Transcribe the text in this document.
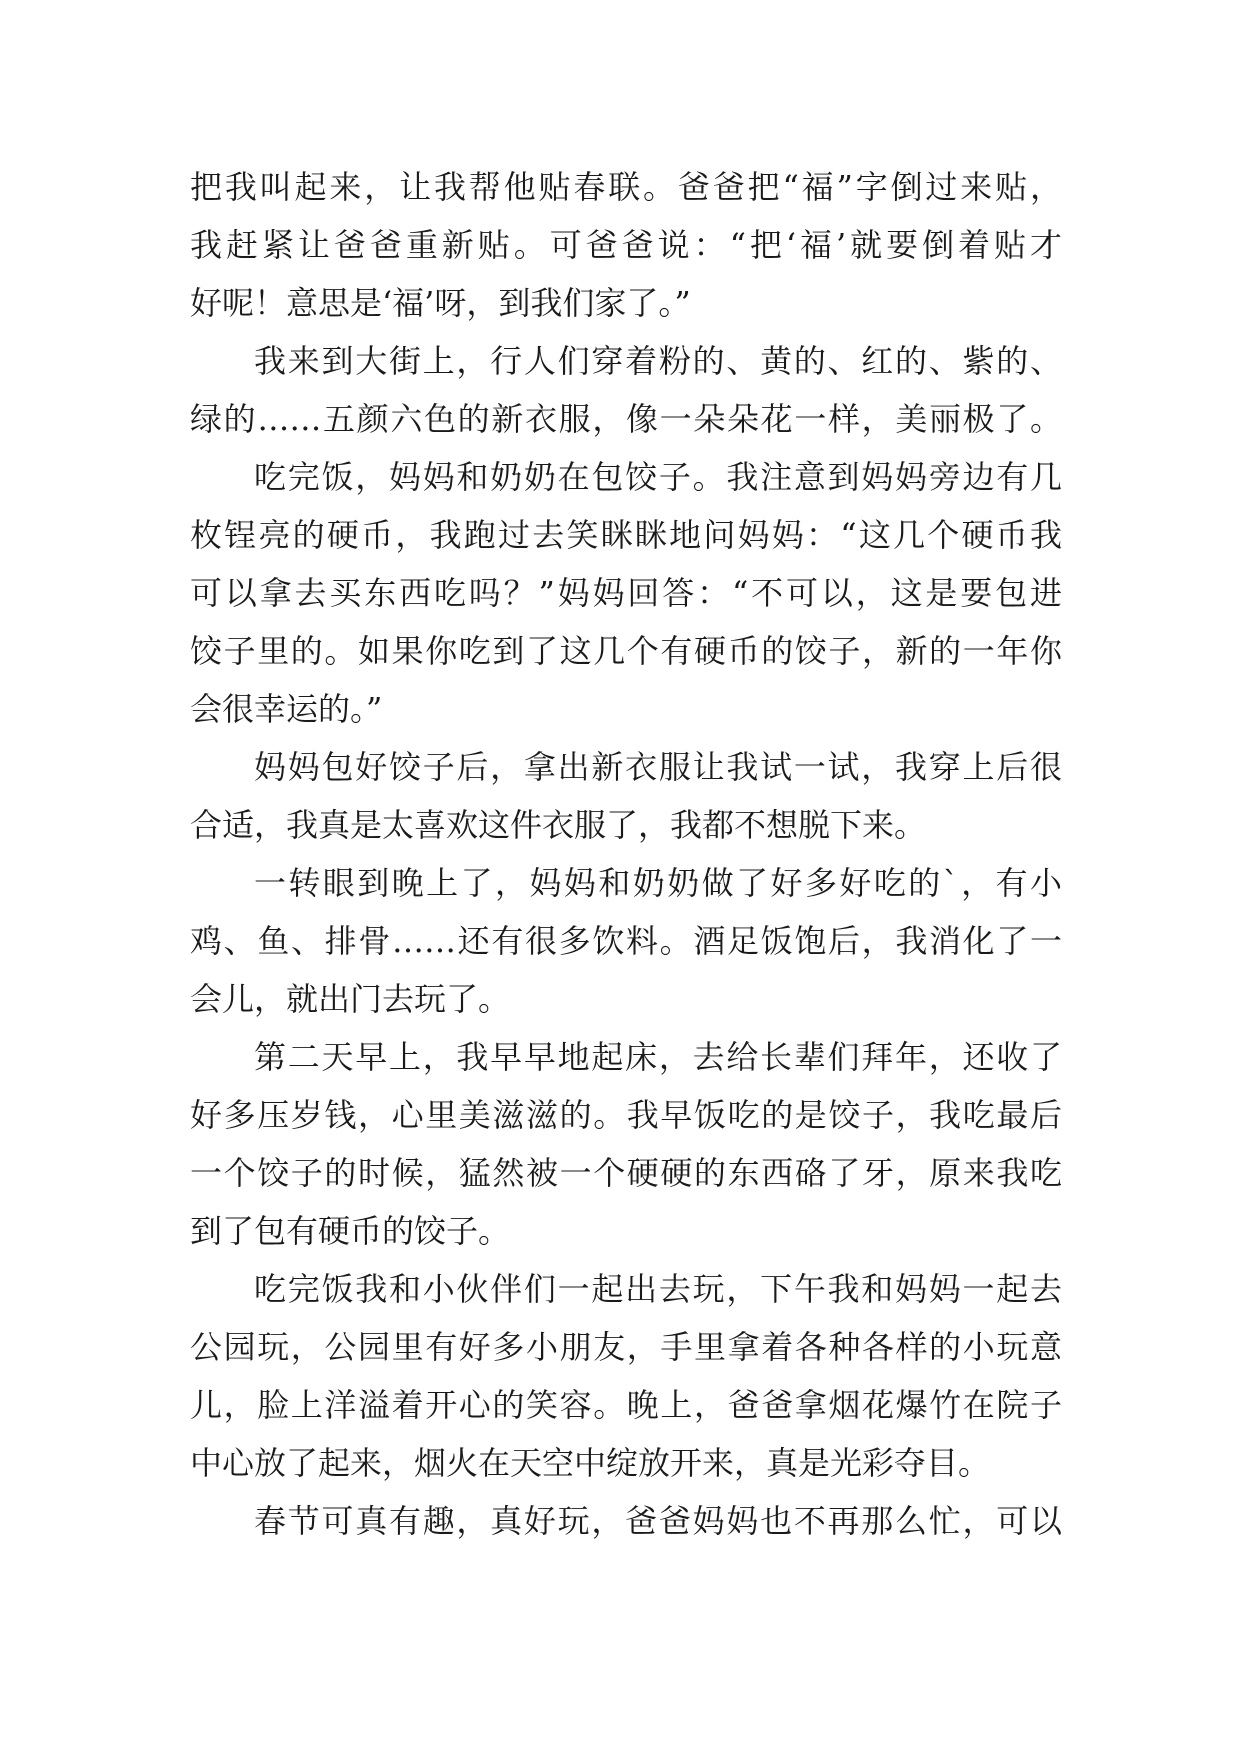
把我叫起来，让我帮他贴春联。爸爸把“福”字倒过来贴，
我赶紧让爸爸重新贴。可爸爸说：“把‘福’就要倒着贴才
好呢！意思是‘福’呀，到我们家了。”
我来到大街上，行人们穿着粉的、黄的、红的、紫的、
绿的……五颜六色的新衣服，像一朵朵花一样，美丽极了。
吃完饭，妈妈和奶奶在包饺子。我注意到妈妈旁边有几
枚锃亮的硬币，我跑过去笑眯眯地问妈妈：“这几个硬币我
可以拿去买东西吃吗？”妈妈回答：“不可以，这是要包进
饺子里的。如果你吃到了这几个有硬币的饺子，新的一年你
会很幸运的。”
妈妈包好饺子后，拿出新衣服让我试一试，我穿上后很
合适，我真是太喜欢这件衣服了，我都不想脱下来。
一转眼到晚上了，妈妈和奶奶做了好多好吃的`，有小
鸡、鱼、排骨……还有很多饮料。酒足饭饱后，我消化了一
会儿，就出门去玩了。
第二天早上，我早早地起床，去给长辈们拜年，还收了
好多压岁钱，心里美滋滋的。我早饭吃的是饺子，我吃最后
一个饺子的时候，猛然被一个硬硬的东西硌了牙，原来我吃
到了包有硬币的饺子。
吃完饭我和小伙伴们一起出去玩，下午我和妈妈一起去
公园玩，公园里有好多小朋友，手里拿着各种各样的小玩意
儿，脸上洋溢着开心的笑容。晚上，爸爸拿烟花爆竹在院子
中心放了起来，烟火在天空中绽放开来，真是光彩夺目。
春节可真有趣，真好玩，爸爸妈妈也不再那么忙，可以
